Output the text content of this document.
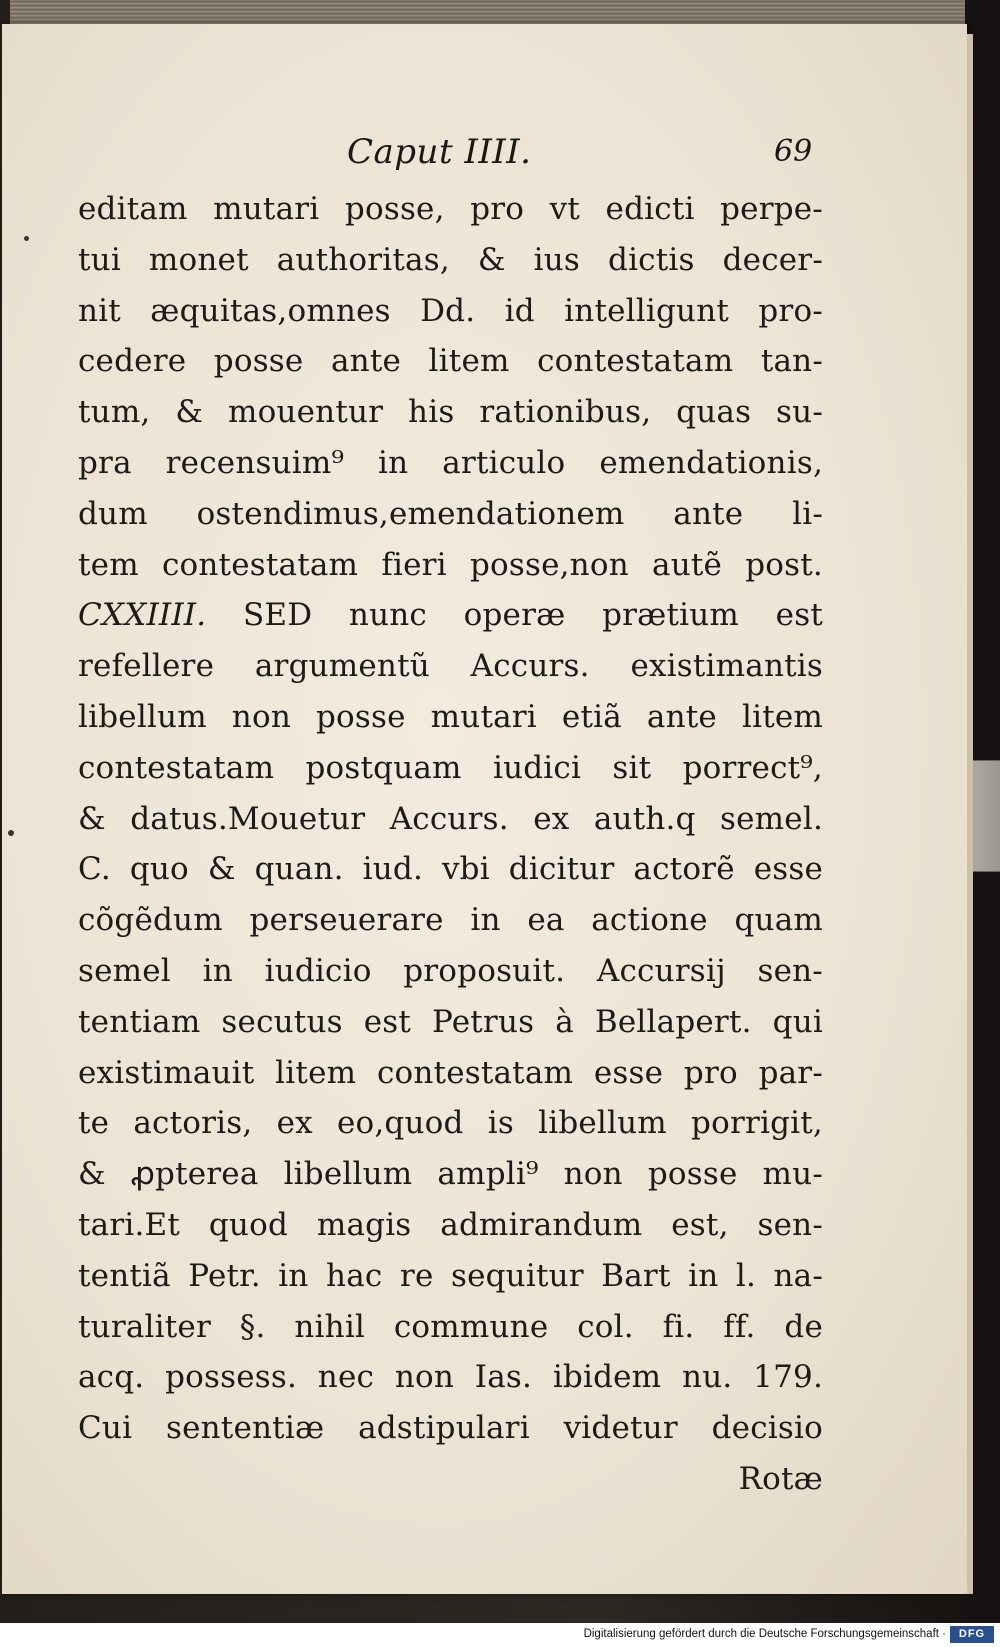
Caput IIII.	69
editam mutari posse, pro vt edicti perpe-
tui monet authoritas, & ius dictis decer-
nit æquitas,omnes Dd. id intelligunt pro-
cedere posse ante litem contestatam tan-
tum, & mouentur his rationibus, quas su-
pra recensuim⁹ in articulo emendationis,
dum ostendimus,emendationem ante li-
tem contestatam fieri posse,non autẽ post.
CXXIIII. SED nunc operæ prætium est
refellere argumentũ Accurs. existimantis
libellum non posse mutari etiã ante litem
contestatam postquam iudici sit porrect⁹,
& datus.Mouetur Accurs. ex auth.q semel.
C. quo & quan. iud. vbi dicitur actorẽ esse
cõgẽdum perseuerare in ea actione quam
semel in iudicio proposuit. Accursij sen-
tentiam secutus est Petrus à Bellapert. qui
existimauit litem contestatam esse pro par-
te actoris, ex eo,quod is libellum porrigit,
& ꝓpterea libellum ampli⁹ non posse mu-
tari.Et quod magis admirandum est, sen-
tentiã Petr. in hac re sequitur Bart in l. na-
turaliter §. nihil commune col. fi. ff. de
acq. possess. nec non Ias. ibidem nu. 179.
Cui sententiæ adstipulari videtur decisio
Rotæ
Digitalisierung gefördert durch die Deutsche Forschungsgemeinschaft ·	DFG
